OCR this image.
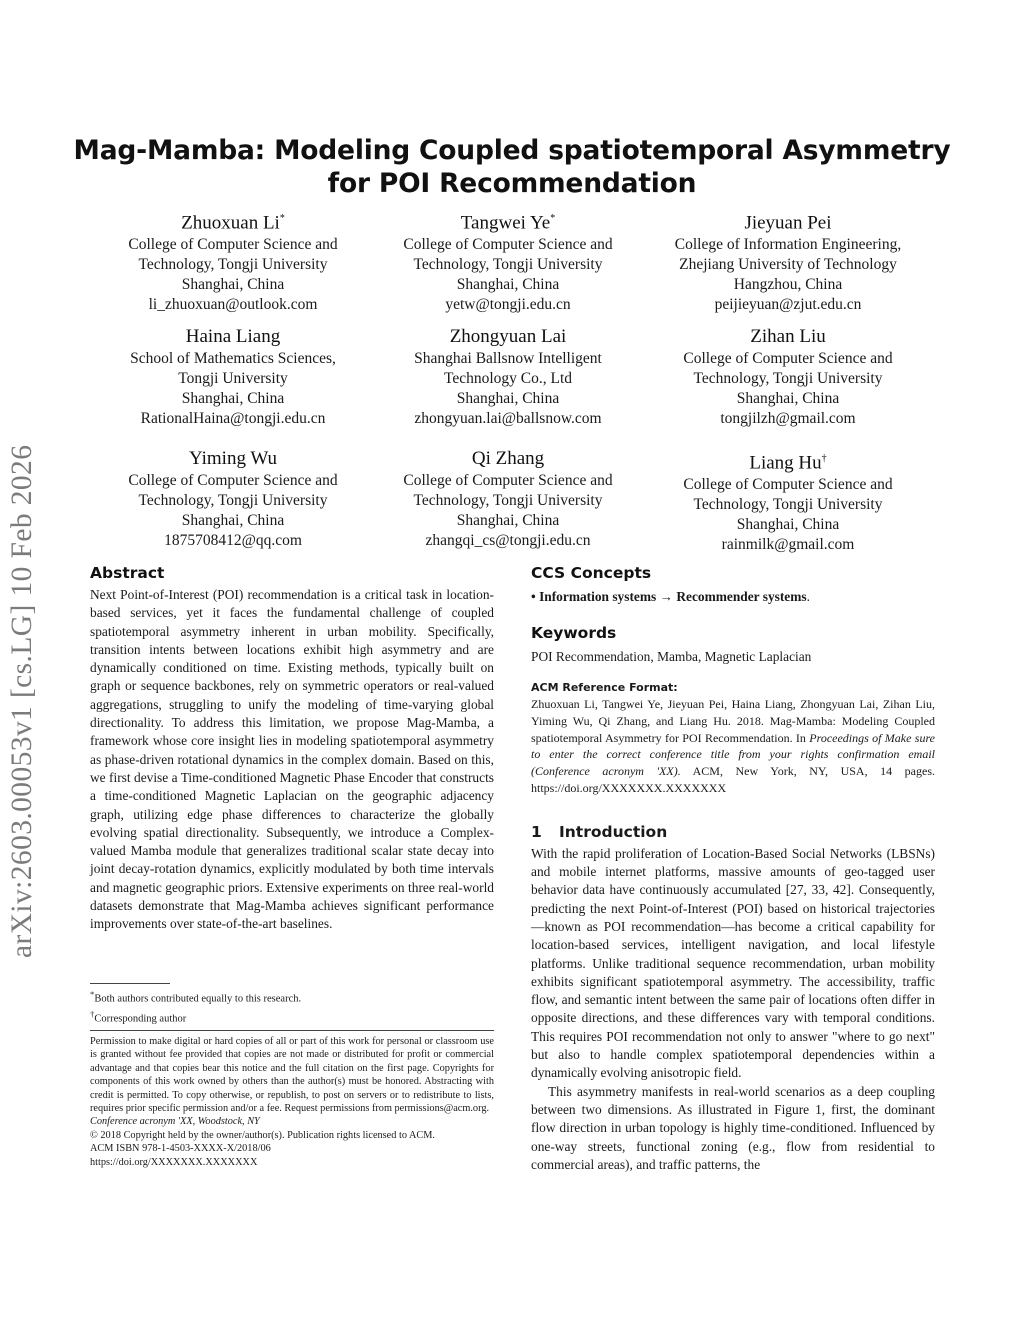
arXiv:2603.00053v1 [cs.LG] 10 Feb 2026
Mag-Mamba: Modeling Coupled spatiotemporal Asymmetry for POI Recommendation
Zhuoxuan Li*
College of Computer Science and
Technology, Tongji University
Shanghai, China
li_zhuoxuan@outlook.com
Tangwei Ye*
College of Computer Science and
Technology, Tongji University
Shanghai, China
yetw@tongji.edu.cn
Jieyuan Pei
College of Information Engineering,
Zhejiang University of Technology
Hangzhou, China
peijieyuan@zjut.edu.cn
Haina Liang
School of Mathematics Sciences,
Tongji University
Shanghai, China
RationalHaina@tongji.edu.cn
Zhongyuan Lai
Shanghai Ballsnow Intelligent
Technology Co., Ltd
Shanghai, China
zhongyuan.lai@ballsnow.com
Zihan Liu
College of Computer Science and
Technology, Tongji University
Shanghai, China
tongjilzh@gmail.com
Yiming Wu
College of Computer Science and
Technology, Tongji University
Shanghai, China
1875708412@qq.com
Qi Zhang
College of Computer Science and
Technology, Tongji University
Shanghai, China
zhangqi_cs@tongji.edu.cn
Liang Hu†
College of Computer Science and
Technology, Tongji University
Shanghai, China
rainmilk@gmail.com
Abstract

Next Point-of-Interest (POI) recommendation is a critical task in location-based services, yet it faces the fundamental challenge of coupled spatiotemporal asymmetry inherent in urban mobility. Specifically, transition intents between locations exhibit high asymmetry and are dynamically conditioned on time. Existing methods, typically built on graph or sequence backbones, rely on symmetric operators or real-valued aggregations, struggling to unify the modeling of time-varying global directionality. To address this limitation, we propose Mag-Mamba, a framework whose core insight lies in modeling spatiotemporal asymmetry as phase-driven rotational dynamics in the complex domain. Based on this, we first devise a Time-conditioned Magnetic Phase Encoder that constructs a time-conditioned Magnetic Laplacian on the geographic adjacency graph, utilizing edge phase differences to characterize the globally evolving spatial directionality. Subsequently, we introduce a Complex-valued Mamba module that generalizes traditional scalar state decay into joint decay-rotation dynamics, explicitly modulated by both time intervals and magnetic geographic priors. Extensive experiments on three real-world datasets demonstrate that Mag-Mamba achieves significant performance improvements over state-of-the-art baselines.

*Both authors contributed equally to this research.
†Corresponding author
Permission to make digital or hard copies of all or part of this work for personal or classroom use is granted without fee provided that copies are not made or distributed for profit or commercial advantage and that copies bear this notice and the full citation on the first page. Copyrights for components of this work owned by others than the author(s) must be honored. Abstracting with credit is permitted. To copy otherwise, or republish, to post on servers or to redistribute to lists, requires prior specific permission and/or a fee. Request permissions from permissions@acm.org.
Conference acronym 'XX, Woodstock, NY
© 2018 Copyright held by the owner/author(s). Publication rights licensed to ACM.
ACM ISBN 978-1-4503-XXXX-X/2018/06
https://doi.org/XXXXXXX.XXXXXXX
CCS Concepts
• Information systems → Recommender systems.
Keywords
POI Recommendation, Mamba, Magnetic Laplacian
ACM Reference Format:
Zhuoxuan Li, Tangwei Ye, Jieyuan Pei, Haina Liang, Zhongyuan Lai, Zihan Liu, Yiming Wu, Qi Zhang, and Liang Hu. 2018. Mag-Mamba: Modeling Coupled spatiotemporal Asymmetry for POI Recommendation. In Proceedings of Make sure to enter the correct conference title from your rights confirmation email (Conference acronym 'XX). ACM, New York, NY, USA, 14 pages. https://doi.org/XXXXXXX.XXXXXXX
1 Introduction

With the rapid proliferation of Location-Based Social Networks (LBSNs) and mobile internet platforms, massive amounts of geo-tagged user behavior data have continuously accumulated [27, 33, 42]. Consequently, predicting the next Point-of-Interest (POI) based on historical trajectories—known as POI recommendation—has become a critical capability for location-based services, intelligent navigation, and local lifestyle platforms. Unlike traditional sequence recommendation, urban mobility exhibits significant spatiotemporal asymmetry. The accessibility, traffic flow, and semantic intent between the same pair of locations often differ in opposite directions, and these differences vary with temporal conditions. This requires POI recommendation not only to answer "where to go next" but also to handle complex spatiotemporal dependencies within a dynamically evolving anisotropic field.

This asymmetry manifests in real-world scenarios as a deep coupling between two dimensions. As illustrated in Figure 1, first, the dominant flow direction in urban topology is highly time-conditioned. Influenced by one-way streets, functional zoning (e.g., flow from residential to commercial areas), and traffic patterns, the
